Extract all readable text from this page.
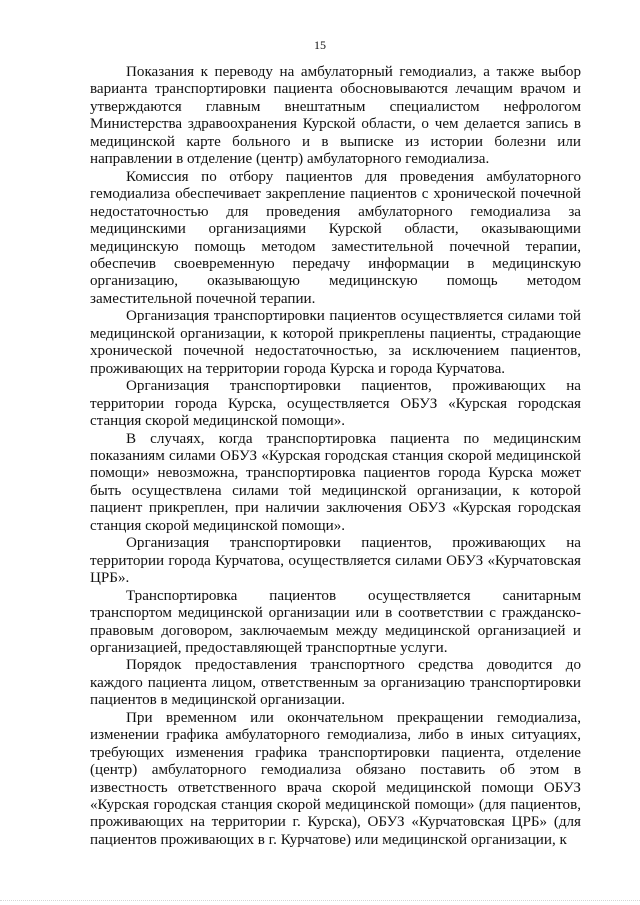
15

Показания к переводу на амбулаторный гемодиализ, а также выбор варианта транспортировки пациента обосновываются лечащим врачом и утверждаются главным внештатным специалистом нефрологом Министерства здравоохранения Курской области, о чем делается запись в медицинской карте больного и в выписке из истории болезни или направлении в отделение (центр) амбулаторного гемодиализа.

Комиссия по отбору пациентов для проведения амбулаторного гемодиализа обеспечивает закрепление пациентов с хронической почечной недостаточностью для проведения амбулаторного гемодиализа за медицинскими организациями Курской области, оказывающими медицинскую помощь методом заместительной почечной терапии, обеспечив своевременную передачу информации в медицинскую организацию, оказывающую медицинскую помощь методом заместительной почечной терапии.

Организация транспортировки пациентов осуществляется силами той медицинской организации, к которой прикреплены пациенты, страдающие хронической почечной недостаточностью, за исключением пациентов, проживающих на территории города Курска и города Курчатова.

Организация транспортировки пациентов, проживающих на территории города Курска, осуществляется ОБУЗ «Курская городская станция скорой медицинской помощи».

В случаях, когда транспортировка пациента по медицинским показаниям силами ОБУЗ «Курская городская станция скорой медицинской помощи» невозможна, транспортировка пациентов города Курска может быть осуществлена силами той медицинской организации, к которой пациент прикреплен, при наличии заключения ОБУЗ «Курская городская станция скорой медицинской помощи».

Организация транспортировки пациентов, проживающих на территории города Курчатова, осуществляется силами ОБУЗ «Курчатовская ЦРБ».

Транспортировка пациентов осуществляется санитарным транспортом медицинской организации или в соответствии с гражданско-правовым договором, заключаемым между медицинской организацией и организацией, предоставляющей транспортные услуги.

Порядок предоставления транспортного средства доводится до каждого пациента лицом, ответственным за организацию транспортировки пациентов в медицинской организации.

При временном или окончательном прекращении гемодиализа, изменении графика амбулаторного гемодиализа, либо в иных ситуациях, требующих изменения графика транспортировки пациента, отделение (центр) амбулаторного гемодиализа обязано поставить об этом в известность ответственного врача скорой медицинской помощи ОБУЗ «Курская городская станция скорой медицинской помощи» (для пациентов, проживающих на территории г. Курска), ОБУЗ «Курчатовская ЦРБ» (для пациентов проживающих в г. Курчатове) или медицинской организации, к
